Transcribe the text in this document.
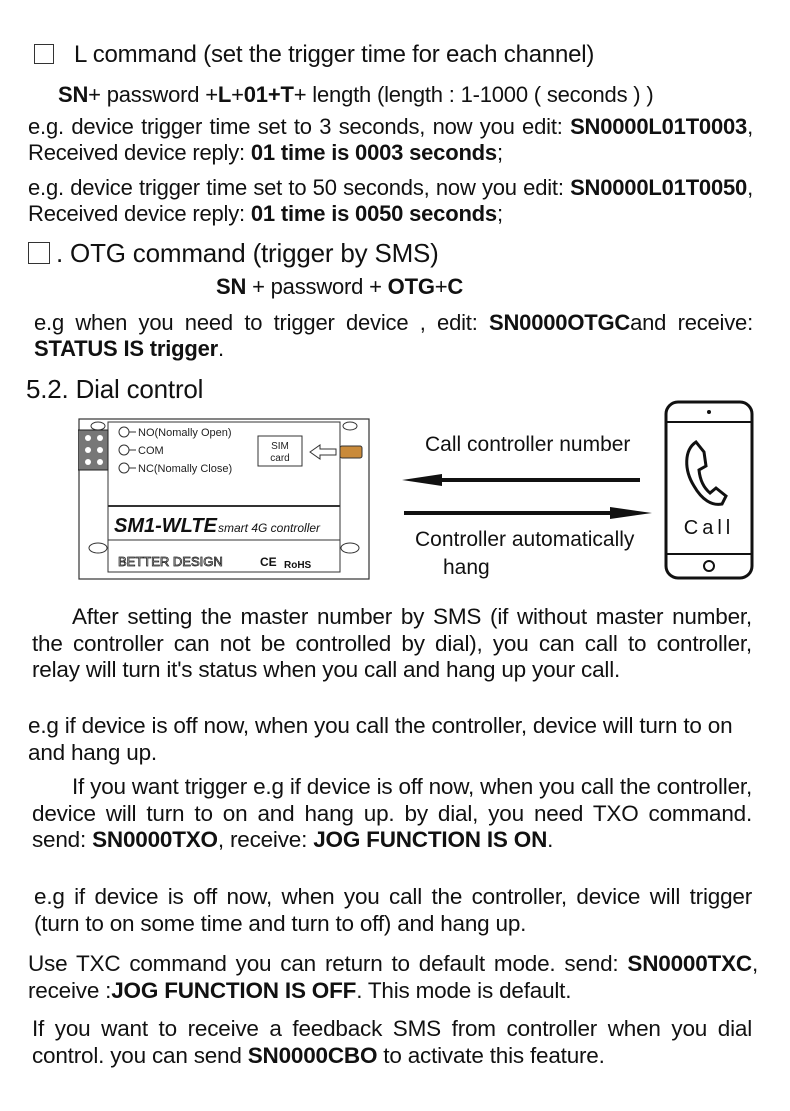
L command (set the trigger time for each channel)
SN+ password +L+01+T+ length (length : 1-1000 ( seconds ) )
e.g. device trigger time set to 3 seconds, now you edit: SN0000L01T0003, Received device reply: 01 time is 0003 seconds;
e.g. device trigger time set to 50 seconds, now you edit: SN0000L01T0050, Received device reply: 01 time is 0050 seconds;
. OTG command (trigger by SMS)
SN + password + OTG+C
e.g when you need to trigger device , edit: SN0000OTGCand receive: STATUS IS trigger.
5.2. Dial control
NO(Nomally Open)
COM
NC(Nomally Close)
SIM
card
SM1-WLTE smart 4G controller
BETTER DESIGN	CE RoHS
Call controller number
Controller automatically
hang
Call
After setting the master number by SMS (if without master number, the controller can not be controlled by dial), you can call to controller, relay will turn it's status when you call and hang up your call.
e.g if device is off now, when you call the controller, device will turn to on and hang up.
If you want trigger e.g if device is off now, when you call the controller, device will turn to on and hang up. by dial, you need TXO command. send: SN0000TXO, receive: JOG FUNCTION IS ON.
e.g if device is off now, when you call the controller, device will trigger (turn to on some time and turn to off) and hang up.
Use TXC command you can return to default mode. send: SN0000TXC, receive :JOG FUNCTION IS OFF. This mode is default.
If you want to receive a feedback SMS from controller when you dial control. you can send SN0000CBO to activate this feature.
